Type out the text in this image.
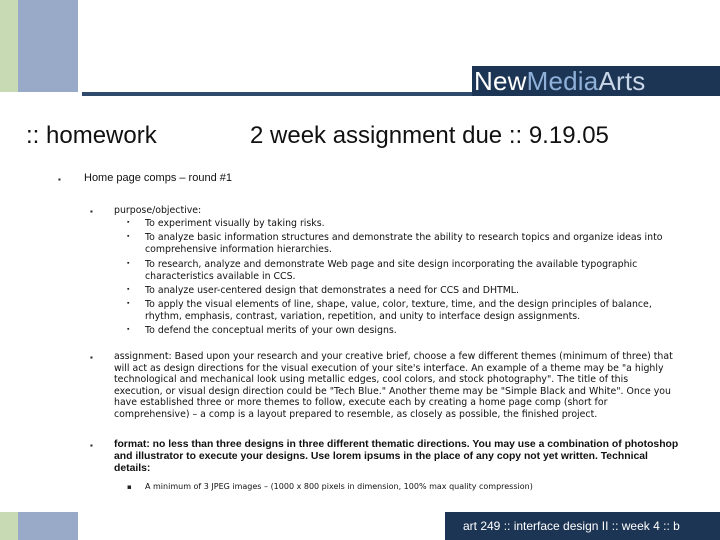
NewMediaArts
:: homework	2 week assignment due :: 9.19.05
▪ Home page comps – round #1
▪ purpose/objective:
▪ To experiment visually by taking risks.
▪ To analyze basic information structures and demonstrate the ability to research topics and organize ideas into comprehensive information hierarchies.
▪ To research, analyze and demonstrate Web page and site design incorporating the available typographic characteristics available in CCS.
▪ To analyze user-centered design that demonstrates a need for CCS and DHTML.
▪ To apply the visual elements of line, shape, value, color, texture, time, and the design principles of balance, rhythm, emphasis, contrast, variation, repetition, and unity to interface design assignments.
▪ To defend the conceptual merits of your own designs.
▪ assignment: Based upon your research and your creative brief, choose a few different themes (minimum of three) that will act as design directions for the visual execution of your site's interface. An example of a theme may be "a highly technological and mechanical look using metallic edges, cool colors, and stock photography". The title of this execution, or visual design direction could be "Tech Blue." Another theme may be "Simple Black and White". Once you have established three or more themes to follow, execute each by creating a home page comp (short for comprehensive) – a comp is a layout prepared to resemble, as closely as possible, the finished project.
▪ format: no less than three designs in three different thematic directions. You may use a combination of photoshop and illustrator to execute your designs. Use lorem ipsums in the place of any copy not yet written. Technical details:
▪ A minimum of 3 JPEG images – (1000 x 800 pixels in dimension, 100% max quality compression)
art 249 :: interface design II :: week 4 :: b
